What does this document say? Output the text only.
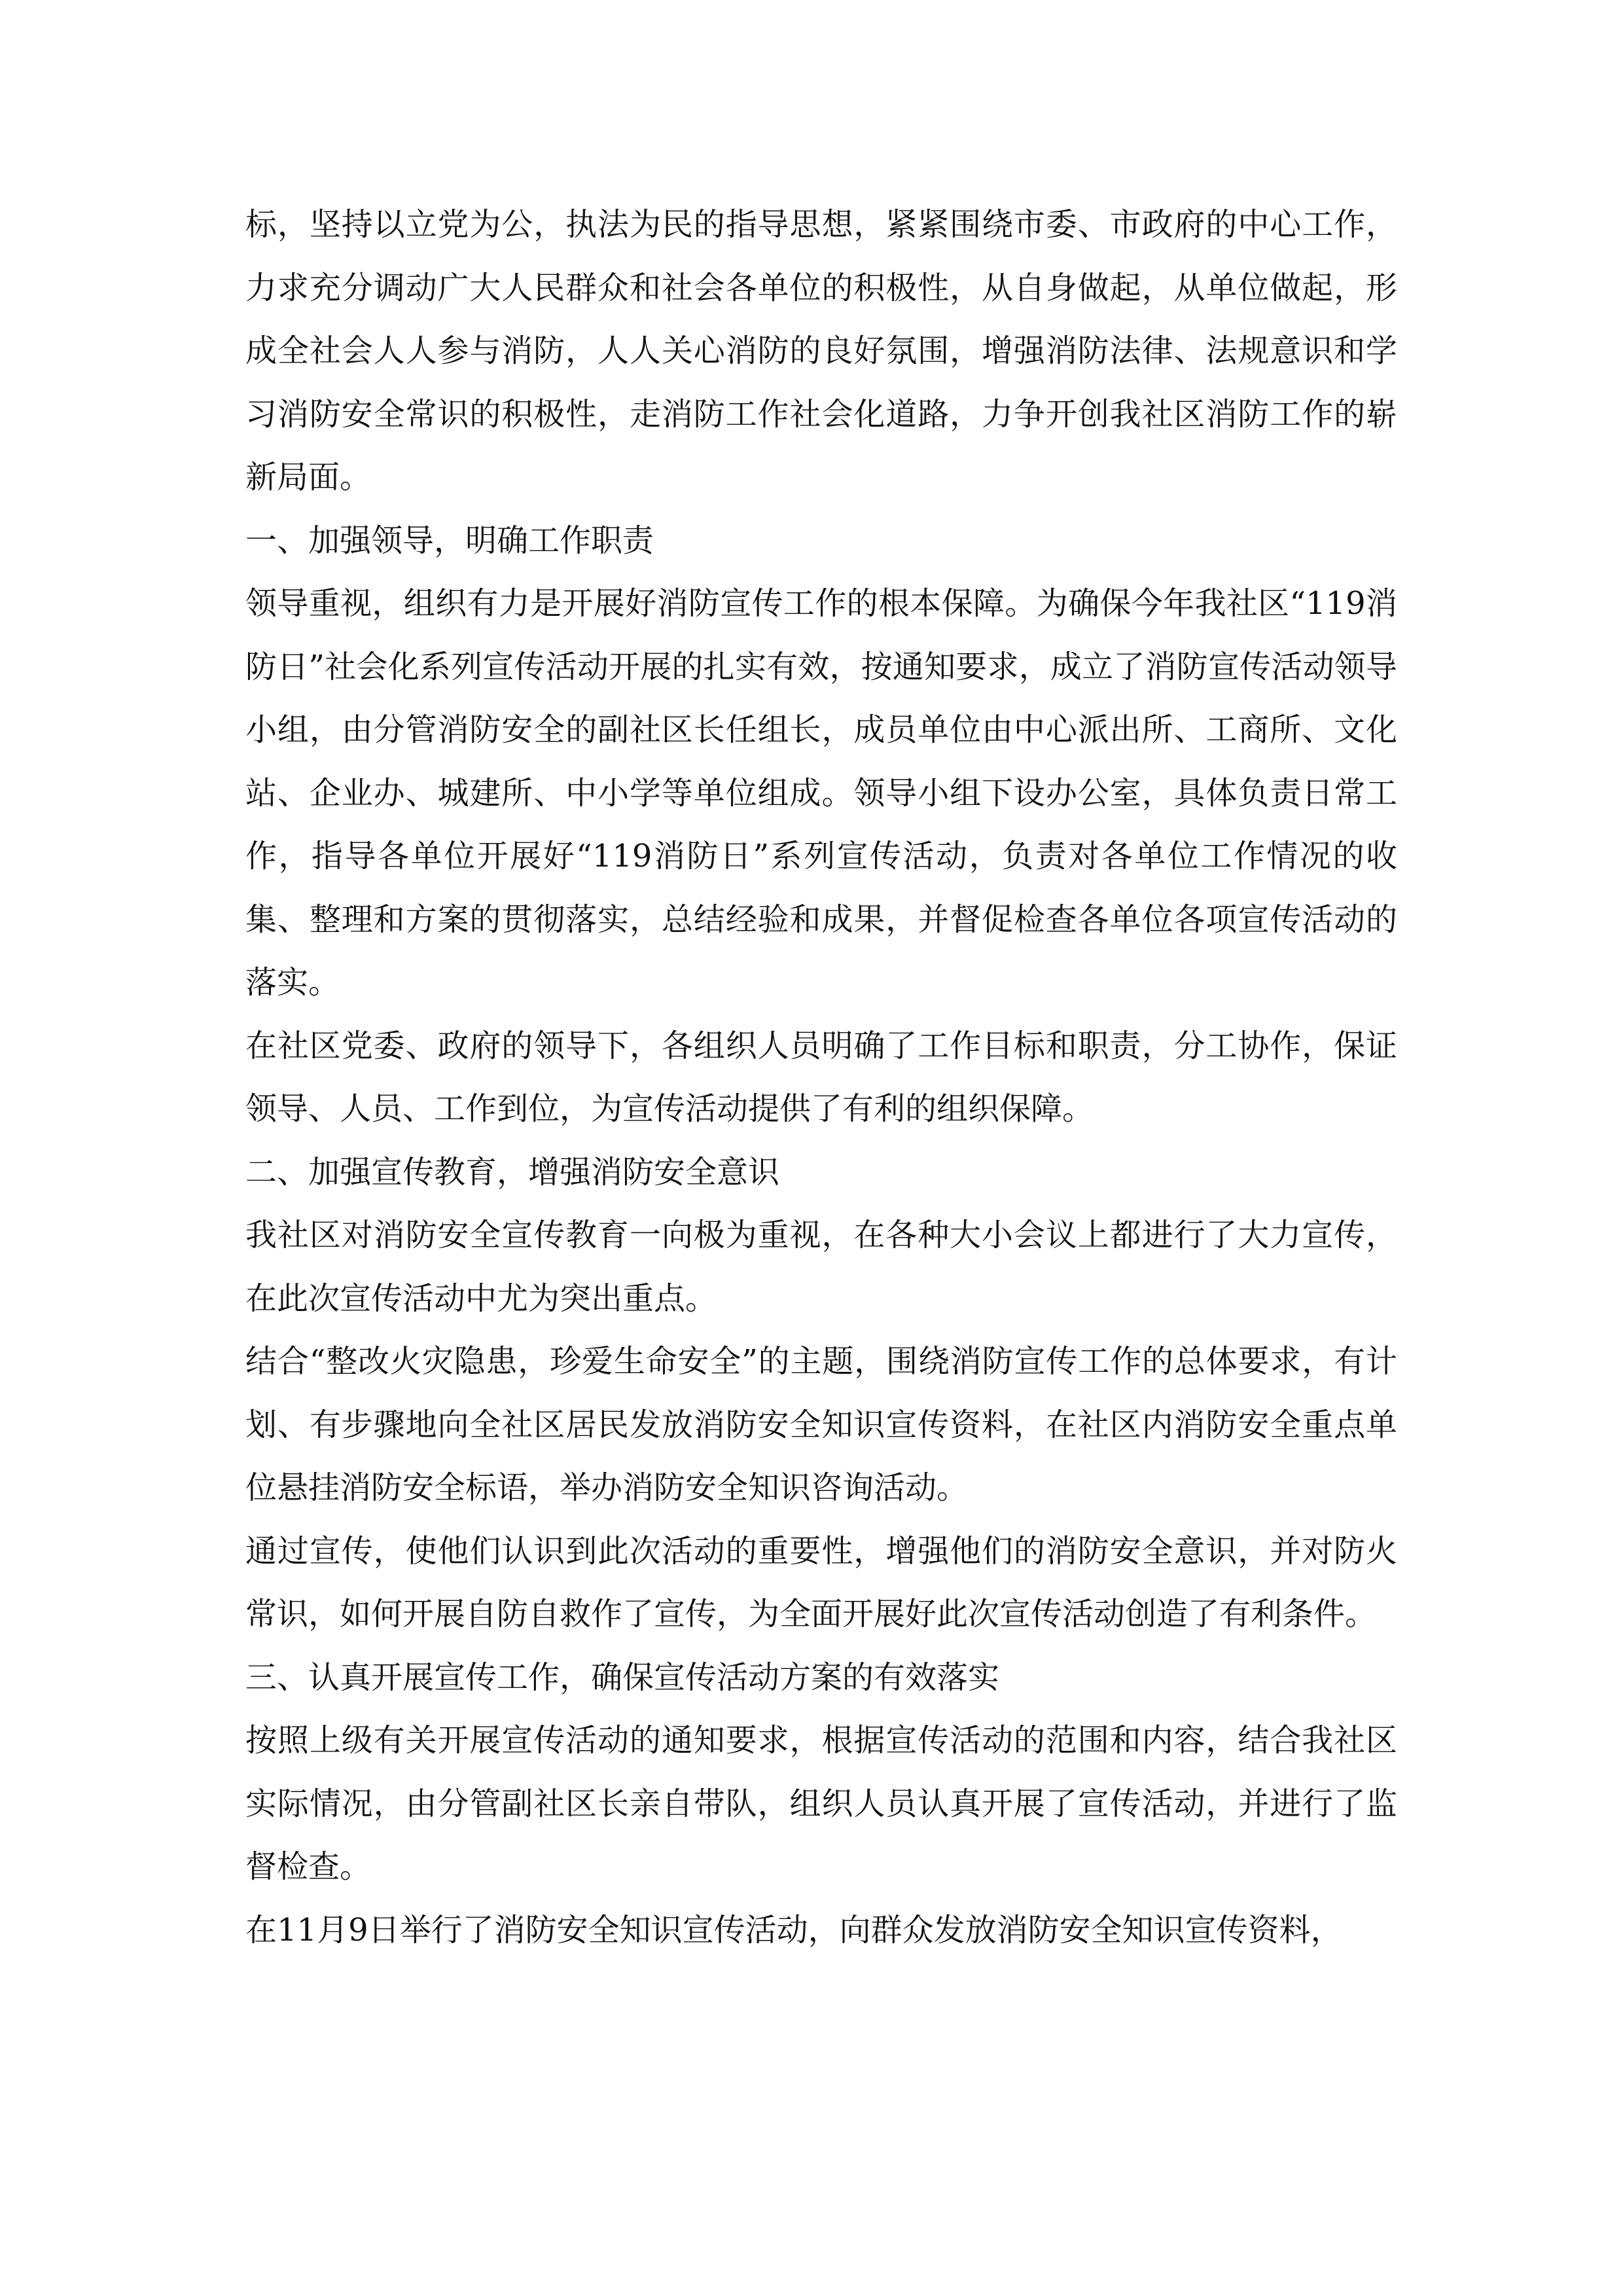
标，坚持以立党为公，执法为民的指导思想，紧紧围绕市委、市政府的中心工作，力求充分调动广大人民群众和社会各单位的积极性，从自身做起，从单位做起，形成全社会人人参与消防，人人关心消防的良好氛围，增强消防法律、法规意识和学习消防安全常识的积极性，走消防工作社会化道路，力争开创我社区消防工作的崭新局面。

一、加强领导，明确工作职责

领导重视，组织有力是开展好消防宣传工作的根本保障。为确保今年我社区“119消防日”社会化系列宣传活动开展的扎实有效，按通知要求，成立了消防宣传活动领导小组，由分管消防安全的副社区长任组长，成员单位由中心派出所、工商所、文化站、企业办、城建所、中小学等单位组成。领导小组下设办公室，具体负责日常工作，指导各单位开展好“119消防日”系列宣传活动，负责对各单位工作情况的收集、整理和方案的贯彻落实，总结经验和成果，并督促检查各单位各项宣传活动的落实。

在社区党委、政府的领导下，各组织人员明确了工作目标和职责，分工协作，保证领导、人员、工作到位，为宣传活动提供了有利的组织保障。

二、加强宣传教育，增强消防安全意识

我社区对消防安全宣传教育一向极为重视，在各种大小会议上都进行了大力宣传，在此次宣传活动中尤为突出重点。

结合“整改火灾隐患，珍爱生命安全”的主题，围绕消防宣传工作的总体要求，有计划、有步骤地向全社区居民发放消防安全知识宣传资料，在社区内消防安全重点单位悬挂消防安全标语，举办消防安全知识咨询活动。

通过宣传，使他们认识到此次活动的重要性，增强他们的消防安全意识，并对防火常识，如何开展自防自救作了宣传，为全面开展好此次宣传活动创造了有利条件。

三、认真开展宣传工作，确保宣传活动方案的有效落实

按照上级有关开展宣传活动的通知要求，根据宣传活动的范围和内容，结合我社区实际情况，由分管副社区长亲自带队，组织人员认真开展了宣传活动，并进行了监督检查。

在11月9日举行了消防安全知识宣传活动，向群众发放消防安全知识宣传资料，
